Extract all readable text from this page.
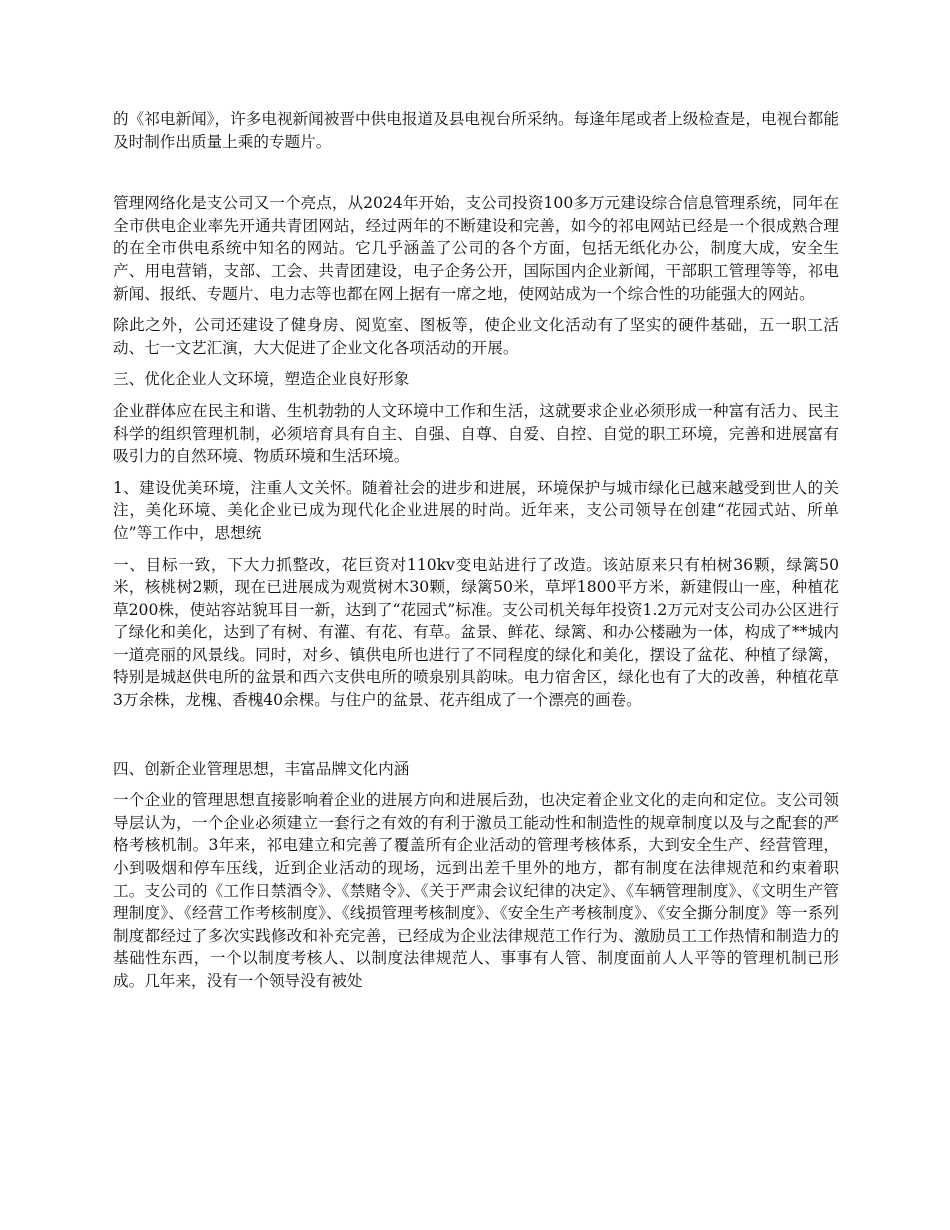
的《祁电新闻》，许多电视新闻被晋中供电报道及县电视台所采纳。每逢年尾或者上级检查是，电视台都能及时制作出质量上乘的专题片。

管理网络化是支公司又一个亮点，从2024年开始，支公司投资100多万元建设综合信息管理系统，同年在全市供电企业率先开通共青团网站，经过两年的不断建设和完善，如今的祁电网站已经是一个很成熟合理的在全市供电系统中知名的网站。它几乎涵盖了公司的各个方面，包括无纸化办公，制度大成，安全生产、用电营销，支部、工会、共青团建设，电子企务公开，国际国内企业新闻，干部职工管理等等，祁电新闻、报纸、专题片、电力志等也都在网上据有一席之地，使网站成为一个综合性的功能强大的网站。

除此之外，公司还建设了健身房、阅览室、图板等，使企业文化活动有了坚实的硬件基础，五一职工活动、七一文艺汇演，大大促进了企业文化各项活动的开展。

三、优化企业人文环境，塑造企业良好形象

企业群体应在民主和谐、生机勃勃的人文环境中工作和生活，这就要求企业必须形成一种富有活力、民主科学的组织管理机制，必须培育具有自主、自强、自尊、自爱、自控、自觉的职工环境，完善和进展富有吸引力的自然环境、物质环境和生活环境。

1、建设优美环境，注重人文关怀。随着社会的进步和进展，环境保护与城市绿化已越来越受到世人的关注，美化环境、美化企业已成为现代化企业进展的时尚。近年来，支公司领导在创建“花园式站、所单位”等工作中，思想统

一、目标一致，下大力抓整改，花巨资对110kv变电站进行了改造。该站原来只有柏树36颗，绿篱50米，核桃树2颗，现在已进展成为观赏树木30颗，绿篱50米，草坪1800平方米，新建假山一座，种植花草200株，使站容站貌耳目一新，达到了“花园式”标准。支公司机关每年投资1.2万元对支公司办公区进行了绿化和美化，达到了有树、有灌、有花、有草。盆景、鲜花、绿篱、和办公楼融为一体，构成了**城内一道亮丽的风景线。同时，对乡、镇供电所也进行了不同程度的绿化和美化，摆设了盆花、种植了绿篱，特别是城赵供电所的盆景和西六支供电所的喷泉别具韵味。电力宿舍区，绿化也有了大的改善，种植花草3万余株，龙槐、香槐40余棵。与住户的盆景、花卉组成了一个漂亮的画卷。

四、创新企业管理思想，丰富品牌文化内涵

一个企业的管理思想直接影响着企业的进展方向和进展后劲，也决定着企业文化的走向和定位。支公司领导层认为，一个企业必须建立一套行之有效的有利于激员工能动性和制造性的规章制度以及与之配套的严格考核机制。3年来，祁电建立和完善了覆盖所有企业活动的管理考核体系，大到安全生产、经营管理，小到吸烟和停车压线，近到企业活动的现场，远到出差千里外的地方，都有制度在法律规范和约束着职工。支公司的《工作日禁酒令》、《禁赌令》、《关于严肃会议纪律的决定》、《车辆管理制度》、《文明生产管理制度》、《经营工作考核制度》、《线损管理考核制度》、《安全生产考核制度》、《安全撕分制度》等一系列制度都经过了多次实践修改和补充完善，已经成为企业法律规范工作行为、激励员工工作热情和制造力的基础性东西，一个以制度考核人、以制度法律规范人、事事有人管、制度面前人人平等的管理机制已形成。几年来，没有一个领导没有被处
